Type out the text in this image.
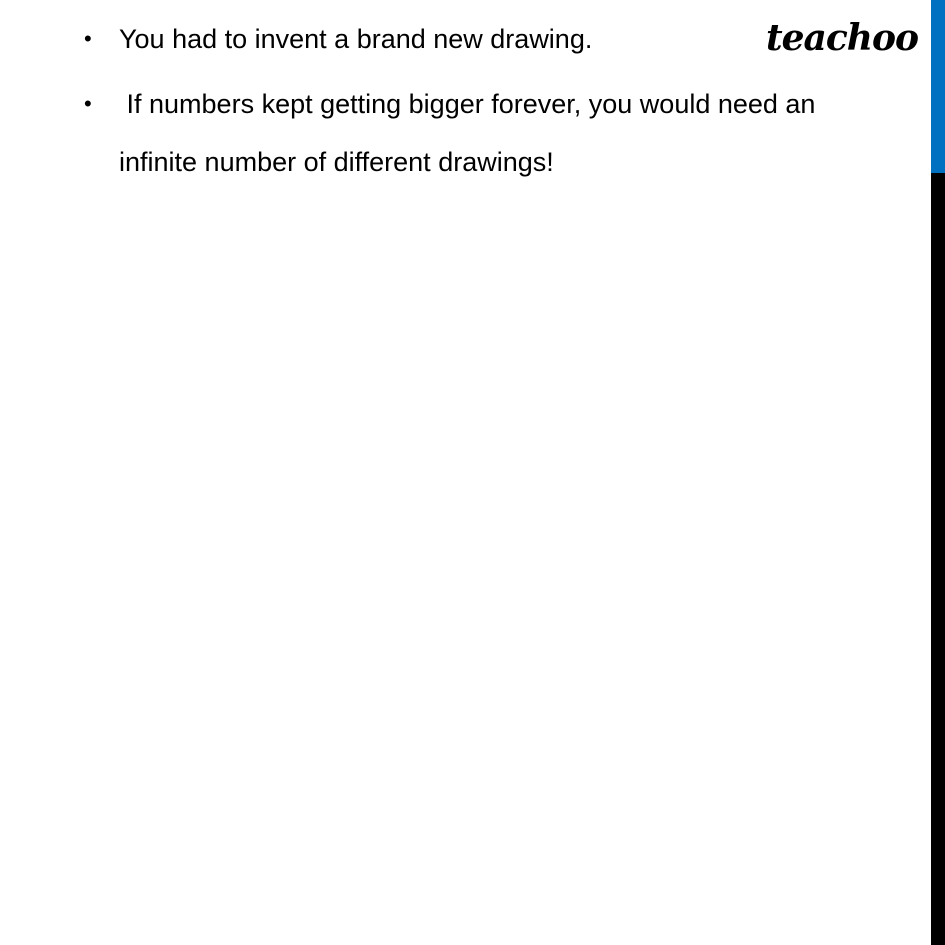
• You had to invent a brand new drawing.
• If numbers kept getting bigger forever, you would need an infinite number of different drawings!
teachoo
